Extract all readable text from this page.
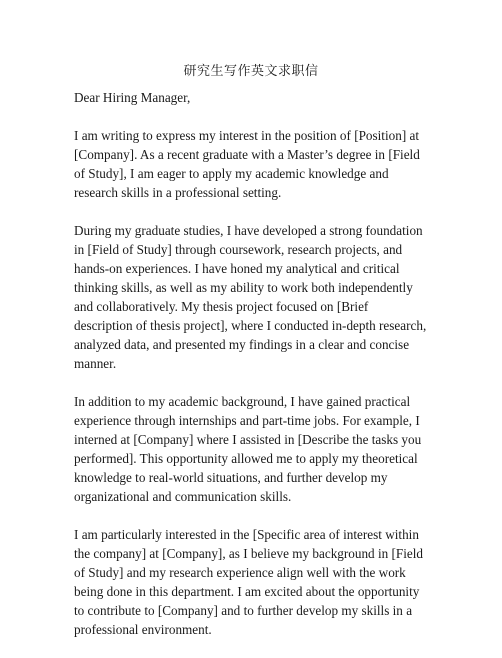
研究生写作英文求职信

Dear Hiring Manager,

I am writing to express my interest in the position of [Position] at
[Company]. As a recent graduate with a Master’s degree in [Field
of Study], I am eager to apply my academic knowledge and
research skills in a professional setting.

During my graduate studies, I have developed a strong foundation
in [Field of Study] through coursework, research projects, and
hands-on experiences. I have honed my analytical and critical
thinking skills, as well as my ability to work both independently
and collaboratively. My thesis project focused on [Brief
description of thesis project], where I conducted in-depth research,
analyzed data, and presented my findings in a clear and concise
manner.

In addition to my academic background, I have gained practical
experience through internships and part-time jobs. For example, I
interned at [Company] where I assisted in [Describe the tasks you
performed]. This opportunity allowed me to apply my theoretical
knowledge to real-world situations, and further develop my
organizational and communication skills.

I am particularly interested in the [Specific area of interest within
the company] at [Company], as I believe my background in [Field
of Study] and my research experience align well with the work
being done in this department. I am excited about the opportunity
to contribute to [Company] and to further develop my skills in a
professional environment.
